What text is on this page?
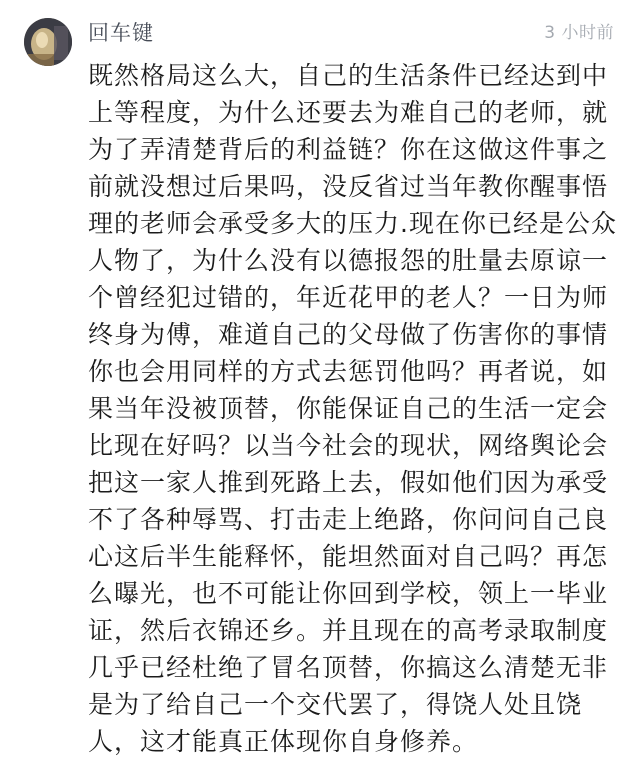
回车键	3 小时前

既然格局这么大，自己的生活条件已经达到中上等程度，为什么还要去为难自己的老师，就为了弄清楚背后的利益链？你在这做这件事之前就没想过后果吗，没反省过当年教你醒事悟理的老师会承受多大的压力.现在你已经是公众人物了，为什么没有以德报怨的肚量去原谅一个曾经犯过错的，年近花甲的老人？一日为师终身为傅，难道自己的父母做了伤害你的事情你也会用同样的方式去惩罚他吗？再者说，如果当年没被顶替，你能保证自己的生活一定会比现在好吗？以当今社会的现状，网络舆论会把这一家人推到死路上去，假如他们因为承受不了各种辱骂、打击走上绝路，你问问自己良心这后半生能释怀，能坦然面对自己吗？再怎么曝光，也不可能让你回到学校，领上一毕业证，然后衣锦还乡。并且现在的高考录取制度几乎已经杜绝了冒名顶替，你搞这么清楚无非是为了给自己一个交代罢了，得饶人处且饶人，这才能真正体现你自身修养。
